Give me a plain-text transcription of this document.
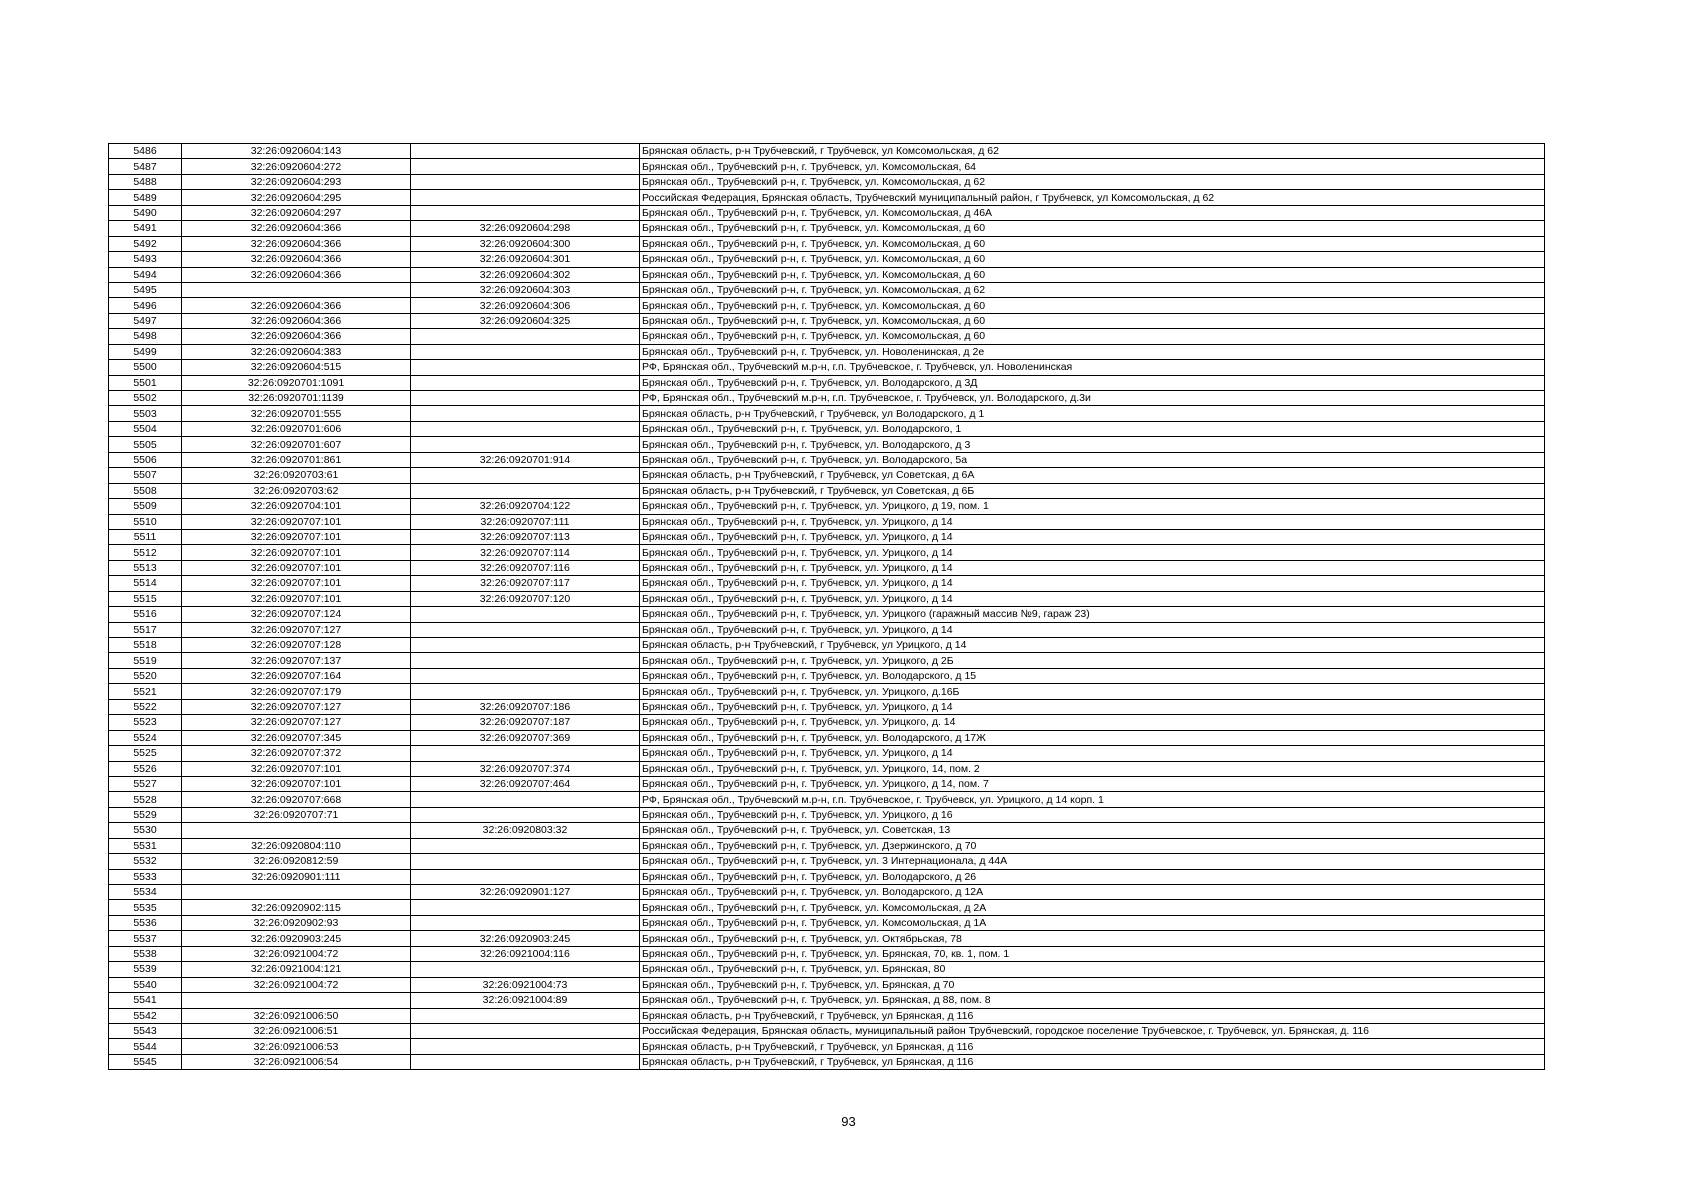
5486	32:26:0920604:143		Брянская область, р-н Трубчевский, г Трубчевск, ул Комсомольская, д 62
5487	32:26:0920604:272		Брянская обл., Трубчевский р-н, г. Трубчевск, ул. Комсомольская, 64
5488	32:26:0920604:293		Брянская обл., Трубчевский р-н, г. Трубчевск, ул. Комсомольская, д 62
5489	32:26:0920604:295		Российская Федерация, Брянская область, Трубчевский муниципальный район, г Трубчевск, ул Комсомольская, д 62
5490	32:26:0920604:297		Брянская обл., Трубчевский р-н, г. Трубчевск, ул. Комсомольская, д 46А
5491	32:26:0920604:366	32:26:0920604:298	Брянская обл., Трубчевский р-н, г. Трубчевск, ул. Комсомольская, д 60
5492	32:26:0920604:366	32:26:0920604:300	Брянская обл., Трубчевский р-н, г. Трубчевск, ул. Комсомольская, д 60
5493	32:26:0920604:366	32:26:0920604:301	Брянская обл., Трубчевский р-н, г. Трубчевск, ул. Комсомольская, д 60
5494	32:26:0920604:366	32:26:0920604:302	Брянская обл., Трубчевский р-н, г. Трубчевск, ул. Комсомольская, д 60
5495		32:26:0920604:303	Брянская обл., Трубчевский р-н, г. Трубчевск, ул. Комсомольская, д 62
5496	32:26:0920604:366	32:26:0920604:306	Брянская обл., Трубчевский р-н, г. Трубчевск, ул. Комсомольская, д 60
5497	32:26:0920604:366	32:26:0920604:325	Брянская обл., Трубчевский р-н, г. Трубчевск, ул. Комсомольская, д 60
5498	32:26:0920604:366		Брянская обл., Трубчевский р-н, г. Трубчевск, ул. Комсомольская, д 60
5499	32:26:0920604:383		Брянская обл., Трубчевский р-н, г. Трубчевск, ул. Новоленинская, д 2е
5500	32:26:0920604:515		РФ, Брянская обл., Трубчевский м.р-н, г.п. Трубчевское, г. Трубчевск, ул. Новоленинская
5501	32:26:0920701:1091		Брянская обл., Трубчевский р-н, г. Трубчевск, ул. Володарского, д 3Д
5502	32:26:0920701:1139		РФ, Брянская обл., Трубчевский м.р-н, г.п. Трубчевское, г. Трубчевск, ул. Володарского, д.3и
5503	32:26:0920701:555		Брянская область, р-н Трубчевский, г Трубчевск, ул Володарского, д 1
5504	32:26:0920701:606		Брянская обл., Трубчевский р-н, г. Трубчевск, ул. Володарского, 1
5505	32:26:0920701:607		Брянская обл., Трубчевский р-н, г. Трубчевск, ул. Володарского, д 3
5506	32:26:0920701:861	32:26:0920701:914	Брянская обл., Трубчевский р-н, г. Трубчевск, ул. Володарского, 5а
5507	32:26:0920703:61		Брянская область, р-н Трубчевский, г Трубчевск, ул Советская, д 6А
5508	32:26:0920703:62		Брянская область, р-н Трубчевский, г Трубчевск, ул Советская, д 6Б
5509	32:26:0920704:101	32:26:0920704:122	Брянская обл., Трубчевский р-н, г. Трубчевск, ул. Урицкого, д 19, пом. 1
5510	32:26:0920707:101	32:26:0920707:111	Брянская обл., Трубчевский р-н, г. Трубчевск, ул. Урицкого, д 14
5511	32:26:0920707:101	32:26:0920707:113	Брянская обл., Трубчевский р-н, г. Трубчевск, ул. Урицкого, д 14
5512	32:26:0920707:101	32:26:0920707:114	Брянская обл., Трубчевский р-н, г. Трубчевск, ул. Урицкого, д 14
5513	32:26:0920707:101	32:26:0920707:116	Брянская обл., Трубчевский р-н, г. Трубчевск, ул. Урицкого, д 14
5514	32:26:0920707:101	32:26:0920707:117	Брянская обл., Трубчевский р-н, г. Трубчевск, ул. Урицкого, д 14
5515	32:26:0920707:101	32:26:0920707:120	Брянская обл., Трубчевский р-н, г. Трубчевск, ул. Урицкого, д 14
5516	32:26:0920707:124		Брянская обл., Трубчевский р-н, г. Трубчевск, ул. Урицкого (гаражный массив №9, гараж 23)
5517	32:26:0920707:127		Брянская обл., Трубчевский р-н, г. Трубчевск, ул. Урицкого, д 14
5518	32:26:0920707:128		Брянская область, р-н Трубчевский, г Трубчевск, ул Урицкого, д 14
5519	32:26:0920707:137		Брянская обл., Трубчевский р-н, г. Трубчевск, ул. Урицкого, д 2Б
5520	32:26:0920707:164		Брянская обл., Трубчевский р-н, г. Трубчевск, ул. Володарского, д 15
5521	32:26:0920707:179		Брянская обл., Трубчевский р-н, г. Трубчевск, ул. Урицкого, д.16Б
5522	32:26:0920707:127	32:26:0920707:186	Брянская обл., Трубчевский р-н, г. Трубчевск, ул. Урицкого, д 14
5523	32:26:0920707:127	32:26:0920707:187	Брянская обл., Трубчевский р-н, г. Трубчевск, ул. Урицкого, д. 14
5524	32:26:0920707:345	32:26:0920707:369	Брянская обл., Трубчевский р-н, г. Трубчевск, ул. Володарского, д 17Ж
5525	32:26:0920707:372		Брянская обл., Трубчевский р-н, г. Трубчевск, ул. Урицкого, д 14
5526	32:26:0920707:101	32:26:0920707:374	Брянская обл., Трубчевский р-н, г. Трубчевск, ул. Урицкого, 14, пом. 2
5527	32:26:0920707:101	32:26:0920707:464	Брянская обл., Трубчевский р-н, г. Трубчевск, ул. Урицкого, д 14, пом. 7
5528	32:26:0920707:668		РФ, Брянская обл., Трубчевский м.р-н, г.п. Трубчевское, г. Трубчевск, ул. Урицкого, д 14 корп. 1
5529	32:26:0920707:71		Брянская обл., Трубчевский р-н, г. Трубчевск, ул. Урицкого, д 16
5530		32:26:0920803:32	Брянская обл., Трубчевский р-н, г. Трубчевск, ул. Советская, 13
5531	32:26:0920804:110		Брянская обл., Трубчевский р-н, г. Трубчевск, ул. Дзержинского, д 70
5532	32:26:0920812:59		Брянская обл., Трубчевский р-н, г. Трубчевск, ул. 3 Интернационала, д 44А
5533	32:26:0920901:111		Брянская обл., Трубчевский р-н, г. Трубчевск, ул. Володарского, д 26
5534		32:26:0920901:127	Брянская обл., Трубчевский р-н, г. Трубчевск, ул. Володарского, д 12А
5535	32:26:0920902:115		Брянская обл., Трубчевский р-н, г. Трубчевск, ул. Комсомольская, д 2А
5536	32:26:0920902:93		Брянская обл., Трубчевский р-н, г. Трубчевск, ул. Комсомольская, д 1А
5537	32:26:0920903:245	32:26:0920903:245	Брянская обл., Трубчевский р-н, г. Трубчевск, ул. Октябрьская, 78
5538	32:26:0921004:72	32:26:0921004:116	Брянская обл., Трубчевский р-н, г. Трубчевск, ул. Брянская, 70, кв. 1, пом. 1
5539	32:26:0921004:121		Брянская обл., Трубчевский р-н, г. Трубчевск, ул. Брянская, 80
5540	32:26:0921004:72	32:26:0921004:73	Брянская обл., Трубчевский р-н, г. Трубчевск, ул. Брянская, д 70
5541		32:26:0921004:89	Брянская обл., Трубчевский р-н, г. Трубчевск, ул. Брянская, д 88, пом. 8
5542	32:26:0921006:50		Брянская область, р-н Трубчевский, г Трубчевск, ул Брянская, д 116
5543	32:26:0921006:51		Российская Федерация, Брянская область, муниципальный район Трубчевский, городское поселение Трубчевское, г. Трубчевск, ул. Брянская, д. 116
5544	32:26:0921006:53		Брянская область, р-н Трубчевский, г Трубчевск, ул Брянская, д 116
5545	32:26:0921006:54		Брянская область, р-н Трубчевский, г Трубчевск, ул Брянская, д 116
93
